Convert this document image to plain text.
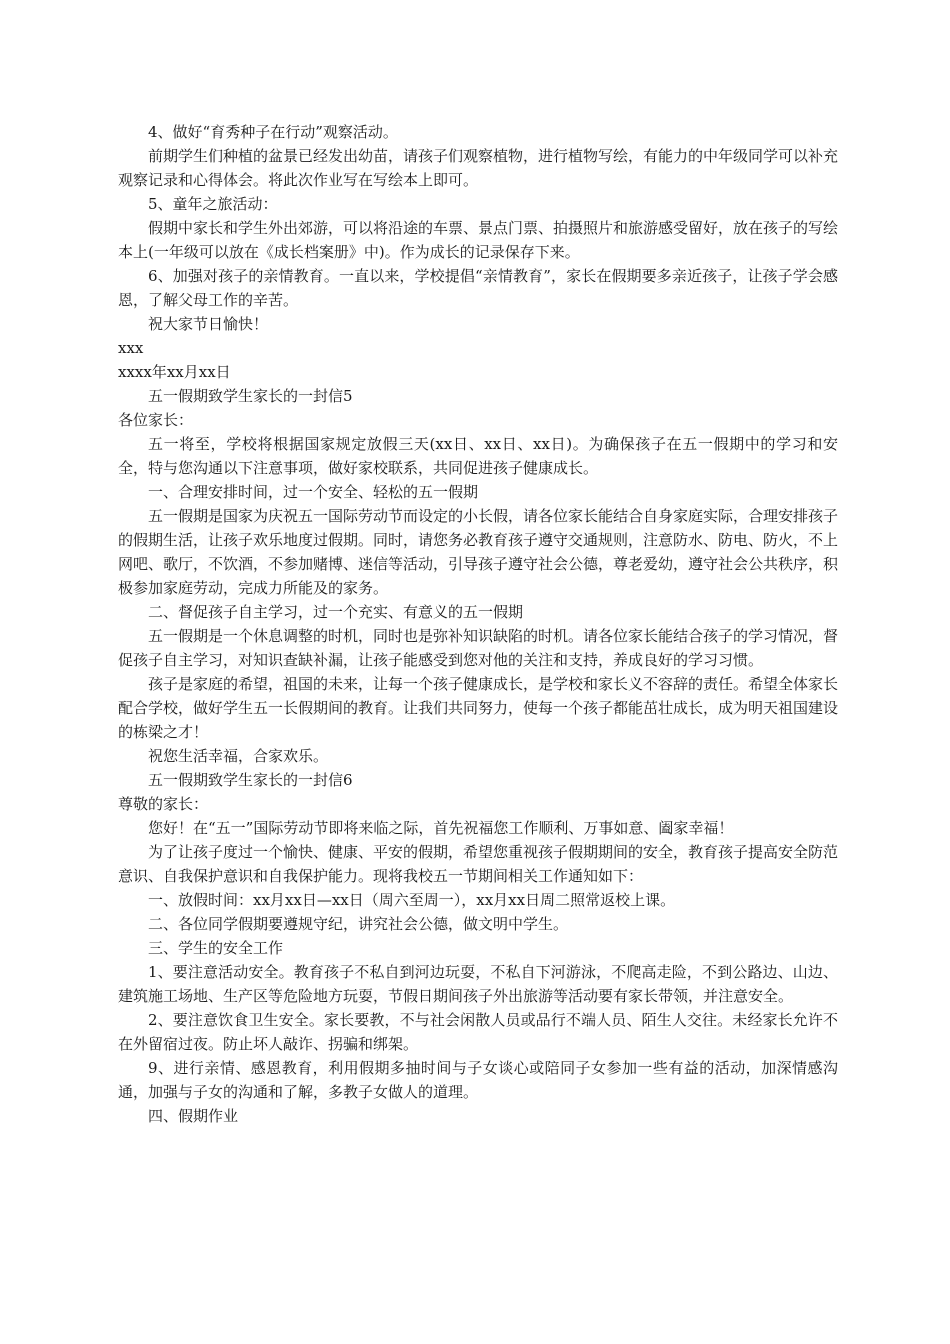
4、做好“育秀种子在行动”观察活动。

前期学生们种植的盆景已经发出幼苗，请孩子们观察植物，进行植物写绘，有能力的中年级同学可以补充观察记录和心得体会。将此次作业写在写绘本上即可。

5、童年之旅活动：

假期中家长和学生外出郊游，可以将沿途的车票、景点门票、拍摄照片和旅游感受留好，放在孩子的写绘本上(一年级可以放在《成长档案册》中)。作为成长的记录保存下来。

6、加强对孩子的亲情教育。一直以来，学校提倡“亲情教育”，家长在假期要多亲近孩子，让孩子学会感恩，了解父母工作的辛苦。

祝大家节日愉快！

xxx

xxxx年xx月xx日

五一假期致学生家长的一封信5

各位家长：

五一将至，学校将根据国家规定放假三天(xx日、xx日、xx日)。为确保孩子在五一假期中的学习和安全，特与您沟通以下注意事项，做好家校联系，共同促进孩子健康成长。

一、合理安排时间，过一个安全、轻松的五一假期

五一假期是国家为庆祝五一国际劳动节而设定的小长假，请各位家长能结合自身家庭实际，合理安排孩子的假期生活，让孩子欢乐地度过假期。同时，请您务必教育孩子遵守交通规则，注意防水、防电、防火，不上网吧、歌厅，不饮酒，不参加赌博、迷信等活动，引导孩子遵守社会公德，尊老爱幼，遵守社会公共秩序，积极参加家庭劳动，完成力所能及的家务。

二、督促孩子自主学习，过一个充实、有意义的五一假期

五一假期是一个休息调整的时机，同时也是弥补知识缺陷的时机。请各位家长能结合孩子的学习情况，督促孩子自主学习，对知识查缺补漏，让孩子能感受到您对他的关注和支持，养成良好的学习习惯。

孩子是家庭的希望，祖国的未来，让每一个孩子健康成长，是学校和家长义不容辞的责任。希望全体家长配合学校，做好学生五一长假期间的教育。让我们共同努力，使每一个孩子都能茁壮成长，成为明天祖国建设的栋梁之才！

祝您生活幸福，合家欢乐。

五一假期致学生家长的一封信6

尊敬的家长：

您好！在“五一”国际劳动节即将来临之际，首先祝福您工作顺利、万事如意、阖家幸福！

为了让孩子度过一个愉快、健康、平安的假期，希望您重视孩子假期期间的安全，教育孩子提高安全防范意识、自我保护意识和自我保护能力。现将我校五一节期间相关工作通知如下：

一、放假时间：xx月xx日—xx日（周六至周一），xx月xx日周二照常返校上课。

二、各位同学假期要遵规守纪，讲究社会公德，做文明中学生。

三、学生的安全工作

1、要注意活动安全。教育孩子不私自到河边玩耍，不私自下河游泳，不爬高走险，不到公路边、山边、建筑施工场地、生产区等危险地方玩耍，节假日期间孩子外出旅游等活动要有家长带领，并注意安全。

2、要注意饮食卫生安全。家长要教，不与社会闲散人员或品行不端人员、陌生人交往。未经家长允许不在外留宿过夜。防止坏人敲诈、拐骗和绑架。

9、进行亲情、感恩教育，利用假期多抽时间与子女谈心或陪同子女参加一些有益的活动，加深情感沟通，加强与子女的沟通和了解，多教子女做人的道理。

四、假期作业
